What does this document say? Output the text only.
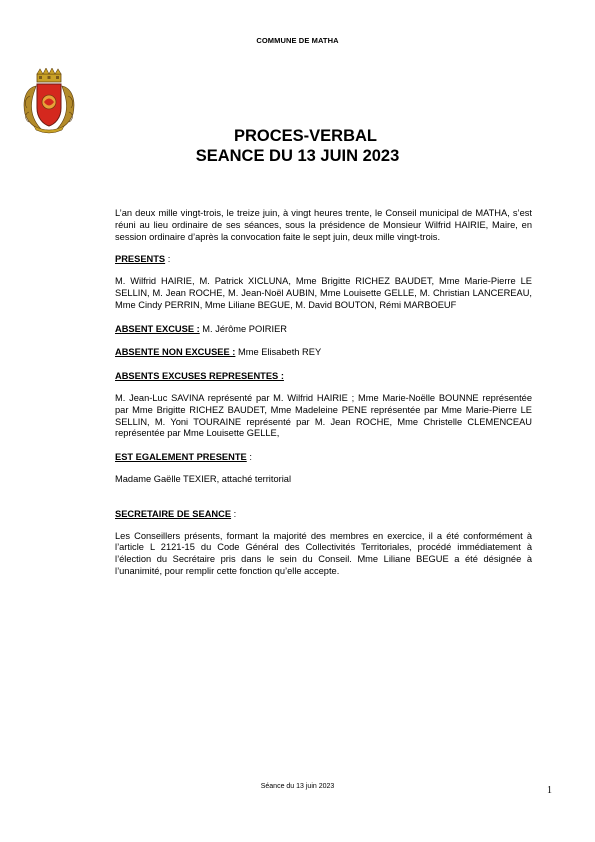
COMMUNE DE MATHA
PROCES-VERBAL
SEANCE DU 13 JUIN 2023

L’an deux mille vingt-trois, le treize juin, à vingt heures trente, le Conseil municipal de MATHA, s’est réuni au lieu ordinaire de ses séances, sous la présidence de Monsieur Wilfrid HAIRIE, Maire, en session ordinaire d’après la convocation faite le sept juin, deux mille vingt-trois.

PRESENTS :

M. Wilfrid HAIRIE, M. Patrick XICLUNA, Mme Brigitte RICHEZ BAUDET, Mme Marie-Pierre LE SELLIN, M. Jean ROCHE, M. Jean-Noël AUBIN, Mme Louisette GELLE, M. Christian LANCEREAU, Mme Cindy PERRIN, Mme Liliane BEGUE, M. David BOUTON, Rémi MARBOEUF

ABSENT EXCUSE : M. Jérôme POIRIER

ABSENTE NON EXCUSEE : Mme Elisabeth REY

ABSENTS EXCUSES REPRESENTES :

M. Jean-Luc SAVINA représenté par M. Wilfrid HAIRIE ; Mme Marie-Noëlle BOUNNE représentée par Mme Brigitte RICHEZ BAUDET, Mme Madeleine PENE représentée par Mme Marie-Pierre LE SELLIN, M. Yoni TOURAINE représenté par M. Jean ROCHE, Mme Christelle CLEMENCEAU représentée par Mme Louisette GELLE,

EST EGALEMENT PRESENTE :

Madame Gaëlle TEXIER, attaché territorial

SECRETAIRE DE SEANCE :

Les Conseillers présents, formant la majorité des membres en exercice, il a été conformément à l’article L 2121-15 du Code Général des Collectivités Territoriales, procédé immédiatement à l’élection du Secrétaire pris dans le sein du Conseil. Mme Liliane BEGUE a été désignée à l’unanimité, pour remplir cette fonction qu’elle accepte.

Séance du 13 juin 2023	1
